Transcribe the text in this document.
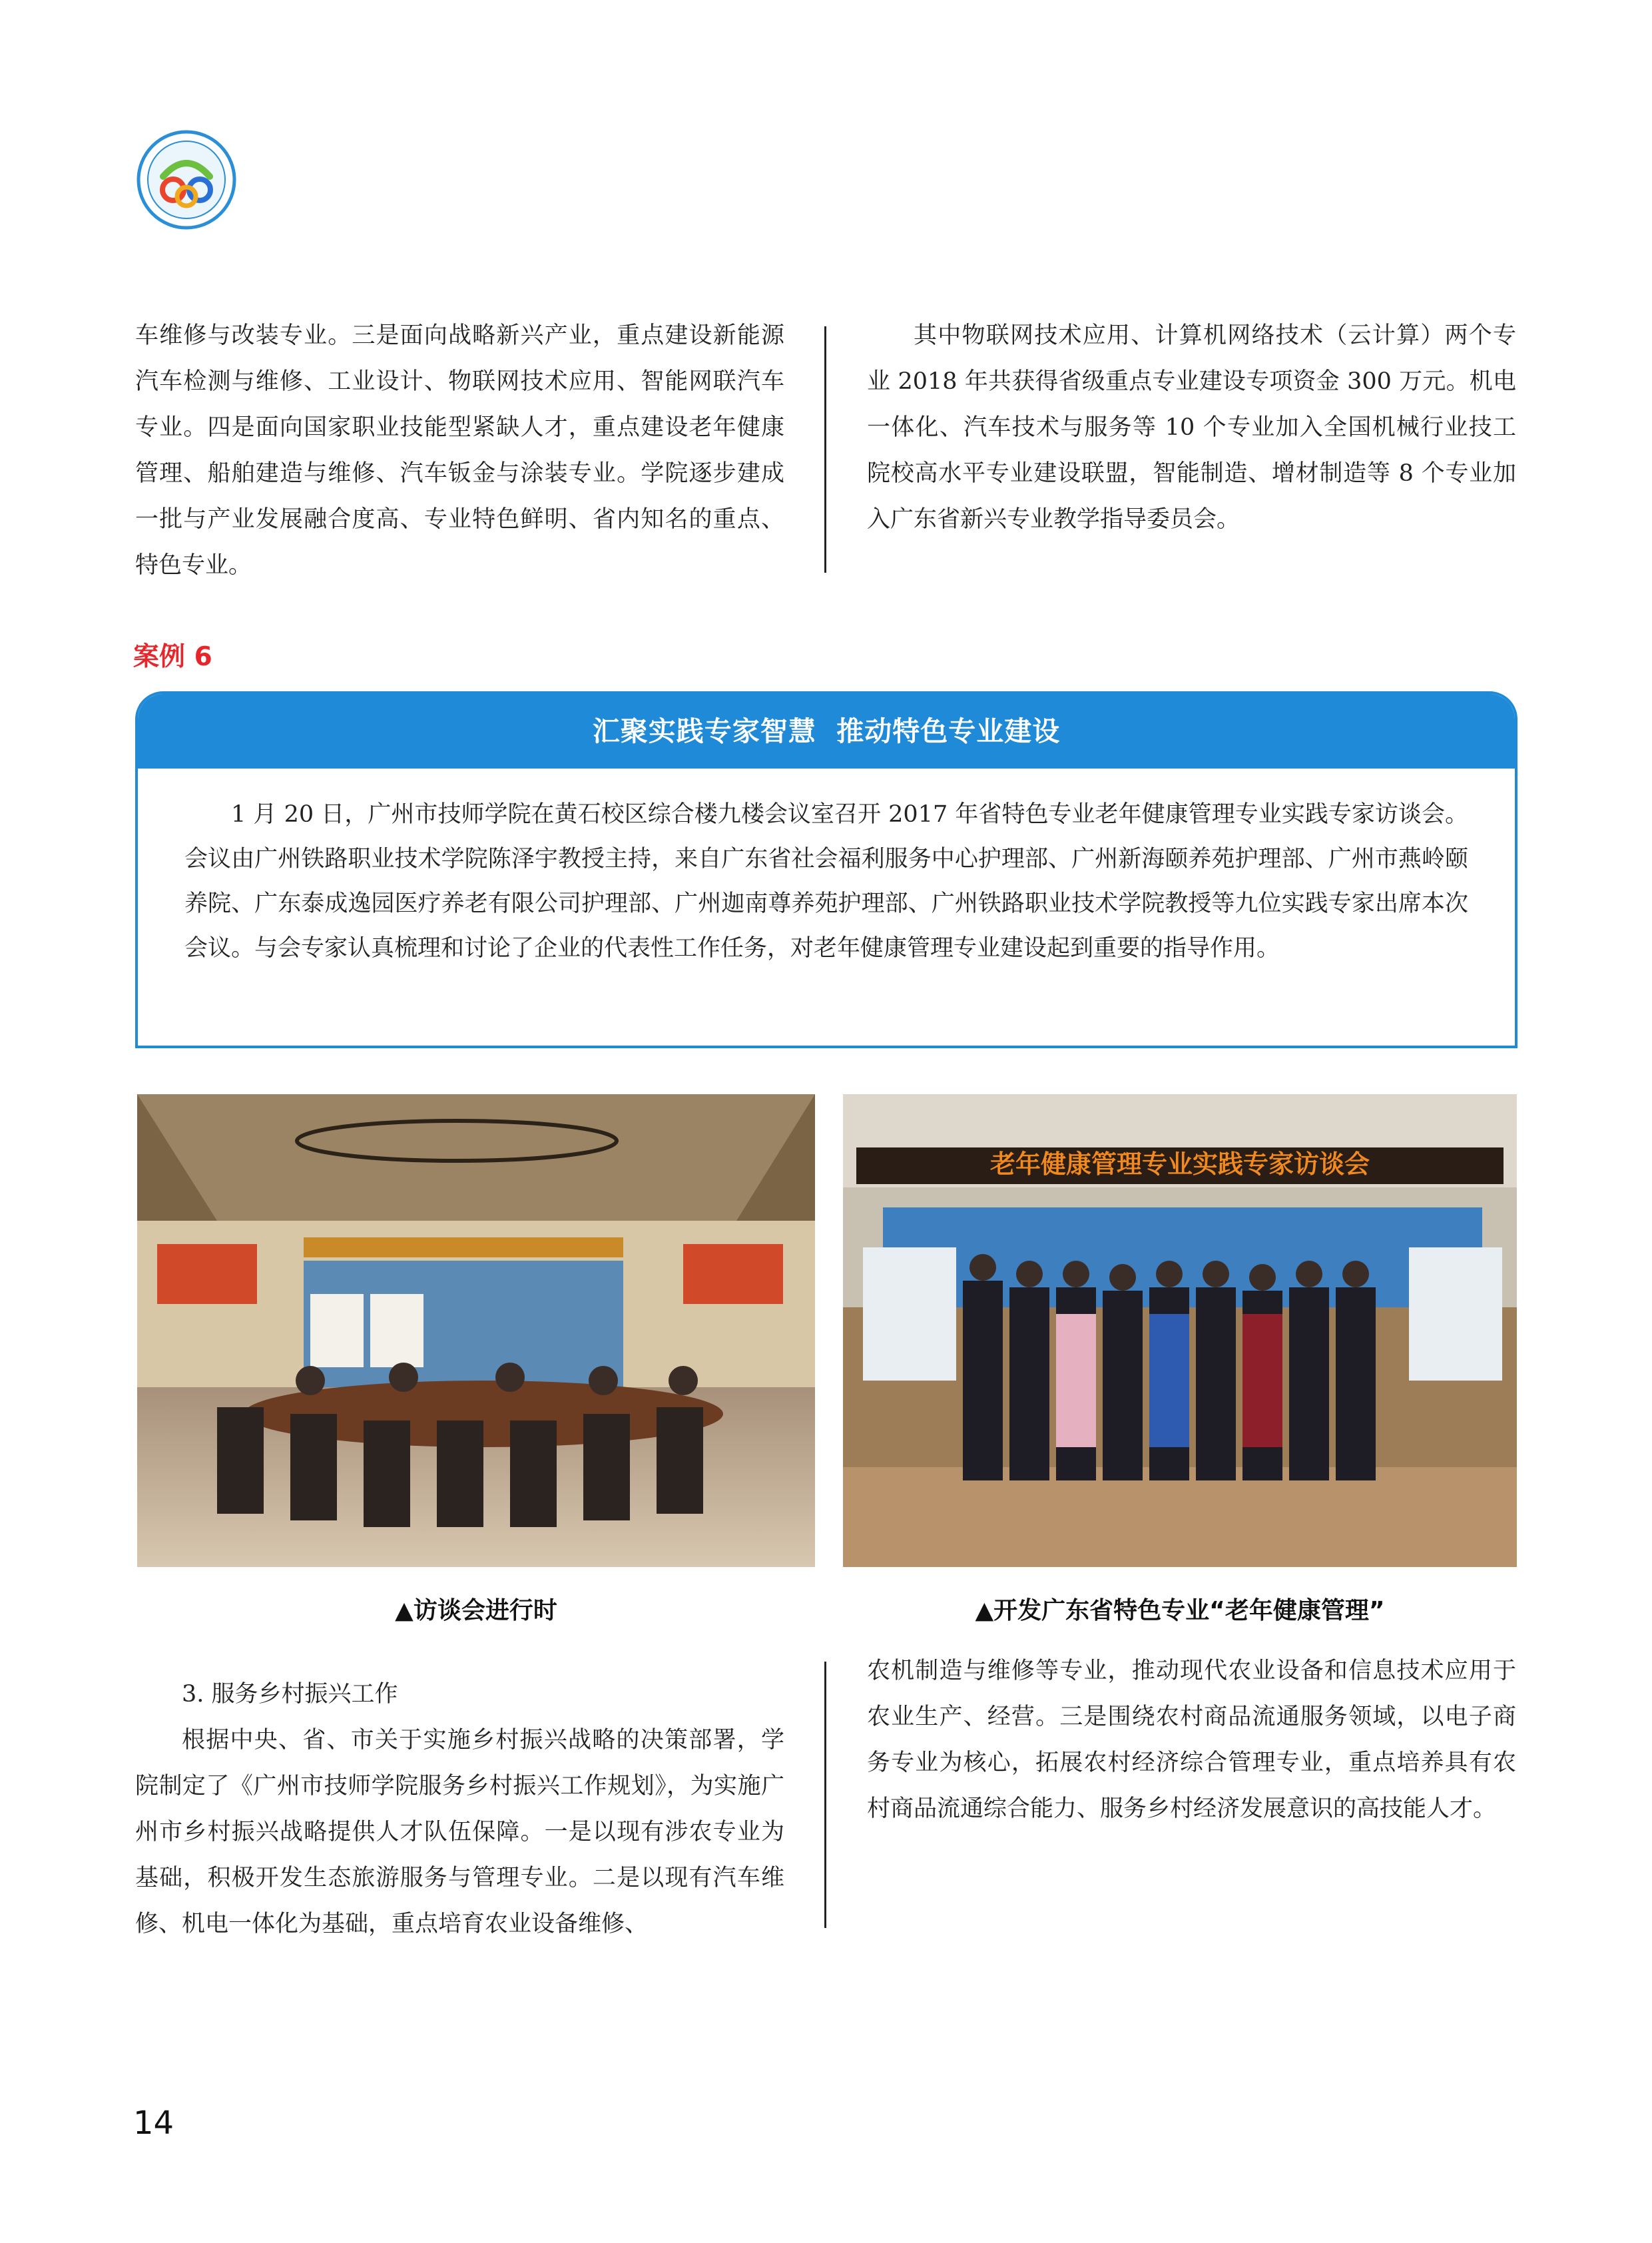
车维修与改装专业。三是面向战略新兴产业，重点建设新能源汽车检测与维修、工业设计、物联网技术应用、智能网联汽车专业。四是面向国家职业技能型紧缺人才，重点建设老年健康管理、船舶建造与维修、汽车钣金与涂装专业。学院逐步建成一批与产业发展融合度高、专业特色鲜明、省内知名的重点、特色专业。

其中物联网技术应用、计算机网络技术（云计算）两个专业 2018 年共获得省级重点专业建设专项资金 300 万元。机电一体化、汽车技术与服务等 10 个专业加入全国机械行业技工院校高水平专业建设联盟，智能制造、增材制造等 8 个专业加入广东省新兴专业教学指导委员会。

案例 6
汇聚实践专家智慧  推动特色专业建设

1 月 20 日，广州市技师学院在黄石校区综合楼九楼会议室召开 2017 年省特色专业老年健康管理专业实践专家访谈会。会议由广州铁路职业技术学院陈泽宇教授主持，来自广东省社会福利服务中心护理部、广州新海颐养苑护理部、广州市燕岭颐养院、广东泰成逸园医疗养老有限公司护理部、广州迦南尊养苑护理部、广州铁路职业技术学院教授等九位实践专家出席本次会议。与会专家认真梳理和讨论了企业的代表性工作任务，对老年健康管理专业建设起到重要的指导作用。

老年健康管理专业实践专家访谈会
▲访谈会进行时	▲开发广东省特色专业“老年健康管理”

3. 服务乡村振兴工作

根据中央、省、市关于实施乡村振兴战略的决策部署，学院制定了《广州市技师学院服务乡村振兴工作规划》，为实施广州市乡村振兴战略提供人才队伍保障。一是以现有涉农专业为基础，积极开发生态旅游服务与管理专业。二是以现有汽车维修、机电一体化为基础，重点培育农业设备维修、

农机制造与维修等专业，推动现代农业设备和信息技术应用于农业生产、经营。三是围绕农村商品流通服务领域，以电子商务专业为核心，拓展农村经济综合管理专业，重点培养具有农村商品流通综合能力、服务乡村经济发展意识的高技能人才。

14
